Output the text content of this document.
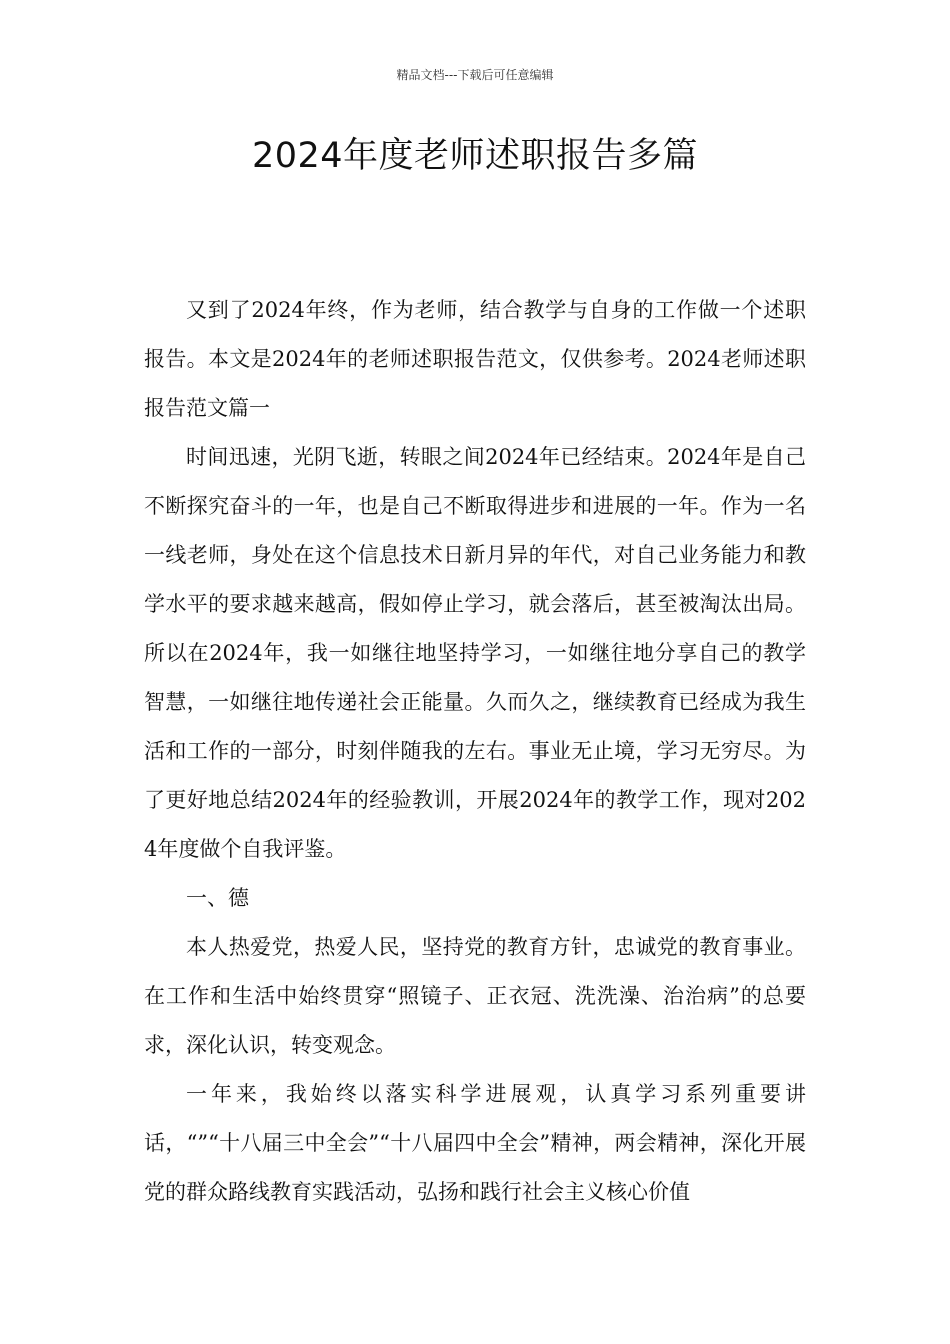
精品文档---下载后可任意编辑
2024年度老师述职报告多篇

又到了2024年终，作为老师，结合教学与自身的工作做一个述职报告。本文是2024年的老师述职报告范文，仅供参考。2024老师述职报告范文篇一

时间迅速，光阴飞逝，转眼之间2024年已经结束。2024年是自己不断探究奋斗的一年，也是自己不断取得进步和进展的一年。作为一名一线老师，身处在这个信息技术日新月异的年代，对自己业务能力和教学水平的要求越来越高，假如停止学习，就会落后，甚至被淘汰出局。所以在2024年，我一如继往地坚持学习，一如继往地分享自己的教学智慧，一如继往地传递社会正能量。久而久之，继续教育已经成为我生活和工作的一部分，时刻伴随我的左右。事业无止境，学习无穷尽。为了更好地总结2024年的经验教训，开展2024年的教学工作，现对2024年度做个自我评鉴。

一、德

本人热爱党，热爱人民，坚持党的教育方针，忠诚党的教育事业。在工作和生活中始终贯穿“照镜子、正衣冠、洗洗澡、治治病”的总要求，深化认识，转变观念。

一年来，我始终以落实科学进展观，认真学习系列重要讲话，“”“十八届三中全会”“十八届四中全会”精神，两会精神，深化开展党的群众路线教育实践活动，弘扬和践行社会主义核心价值
